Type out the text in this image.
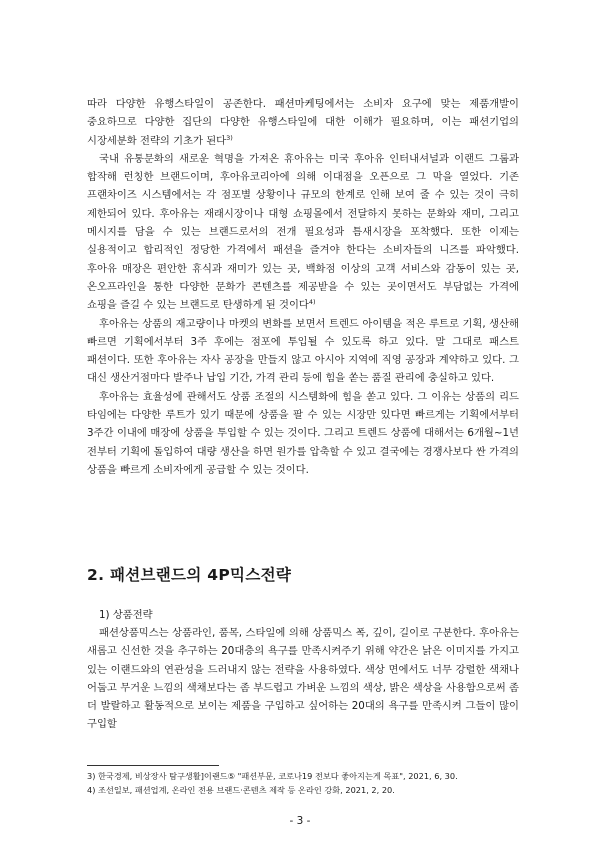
따라 다양한 유행스타일이 공존한다. 패션마케팅에서는 소비자 요구에 맞는 제품개발이 중요하므로 다양한 집단의 다양한 유행스타일에 대한 이해가 필요하며, 이는 패션기업의 시장세분화 전략의 기초가 된다$^{3)}$

국내 유통문화의 새로운 혁명을 가져온 휴아유는 미국 후아유 인터내셔널과 이랜드 그룹과 합작해 런칭한 브랜드이며, 후아유코리아에 의해 이대점을 오픈으로 그 막을 열었다. 기존 프랜차이즈 시스템에서는 각 점포별 상황이나 규모의 한계로 인해 보여 줄 수 있는 것이 극히 제한되어 있다. 후아유는 재래시장이나 대형 쇼핑몰에서 전달하지 못하는 문화와 재미, 그리고 메시지를 담을 수 있는 브랜드로서의 전개 필요성과 틈새시장을 포착했다. 또한 이제는 실용적이고 합리적인 정당한 가격에서 패션을 즐겨야 한다는 소비자들의 니즈를 파악했다. 후아유 매장은 편안한 휴식과 재미가 있는 곳, 백화점 이상의 고객 서비스와 감동이 있는 곳, 온오프라인을 통한 다양한 문화가 콘텐츠를 제공받을 수 있는 곳이면서도 부담없는 가격에 쇼핑을 즐길 수 있는 브랜드로 탄생하게 된 것이다$^{4)}$

후아유는 상품의 재고량이나 마켓의 변화를 보면서 트렌드 아이템을 적은 루트로 기획, 생산해 빠르면 기획에서부터 3주 후에는 점포에 투입될 수 있도록 하고 있다. 말 그대로 패스트 패션이다. 또한 후아유는 자사 공장을 만들지 않고 아시아 지역에 직영 공장과 계약하고 있다. 그 대신 생산거점마다 발주나 납입 기간, 가격 관리 등에 힘을 쏟는 품질 관리에 충실하고 있다.

후아유는 효율성에 관해서도 상품 조절의 시스템화에 힘을 쏟고 있다. 그 이유는 상품의 리드 타임에는 다양한 루트가 있기 때문에 상품을 팔 수 있는 시장만 있다면 빠르게는 기획에서부터 3주간 이내에 매장에 상품을 투입할 수 있는 것이다. 그리고 트렌드 상품에 대해서는 6개월~1년 전부터 기획에 돌입하여 대량 생산을 하면 원가를 압축할 수 있고 결국에는 경쟁사보다 싼 가격의 상품을 빠르게 소비자에게 공급할 수 있는 것이다.

2. 패션브랜드의 4P믹스전략

1) 상품전략

패션상품믹스는 상품라인, 품목, 스타일에 의해 상품믹스 폭, 깊이, 길이로 구분한다. 후아유는 새롭고 신선한 것을 추구하는 20대층의 욕구를 만족시켜주기 위해 약간은 낡은 이미지를 가지고 있는 이랜드와의 연관성을 드러내지 않는 전략을 사용하였다. 색상 면에서도 너무 강렬한 색채나 어둡고 무거운 느낌의 색채보다는 좀 부드럽고 가벼운 느낌의 색상, 밝은 색상을 사용함으로써 좀 더 발랄하고 활동적으로 보이는 제품을 구입하고 싶어하는 20대의 욕구를 만족시켜 그들이 많이 구입할

3) 한국경제, 비상장사 탐구생활]이랜드⑤ "패션부문, 코로나19 전보다 좋아지는게 목표", 2021, 6, 30.

4) 조선일보, 패션업계, 온라인 전용 브랜드·콘텐츠 제작 등 온라인 강화, 2021, 2, 20.

- 3 -
